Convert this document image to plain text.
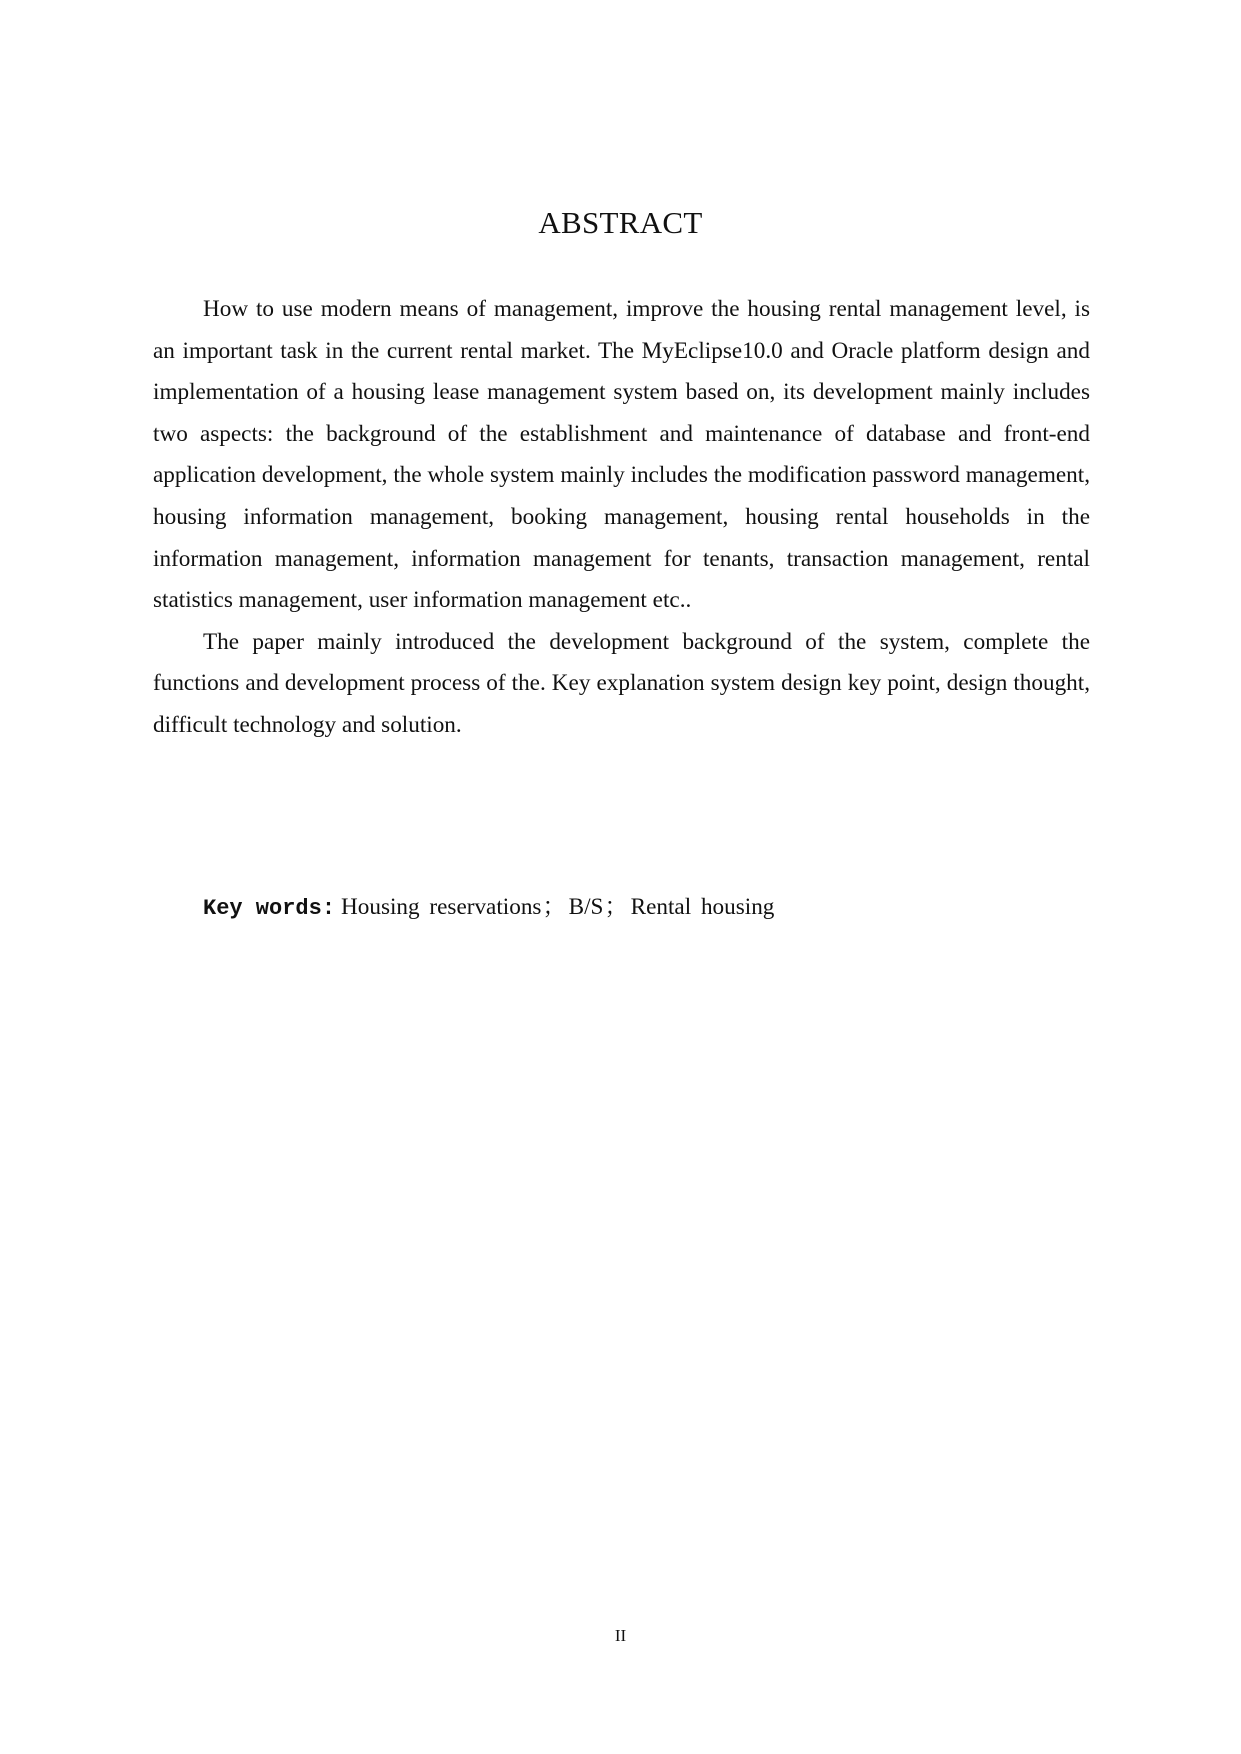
ABSTRACT

How to use modern means of management, improve the housing rental management level, is an important task in the current rental market. The MyEclipse10.0 and Oracle platform design and implementation of a housing lease management system based on, its development mainly includes two aspects: the background of the establishment and maintenance of database and front-end application development, the whole system mainly includes the modification password management, housing information management, booking management, housing rental households in the information management, information management for tenants, transaction management, rental statistics management, user information management etc..

The paper mainly introduced the development background of the system, complete the functions and development process of the. Key explanation system design key point, design thought, difficult technology and solution.

Key words: Housing reservations； B/S； Rental housing
II
